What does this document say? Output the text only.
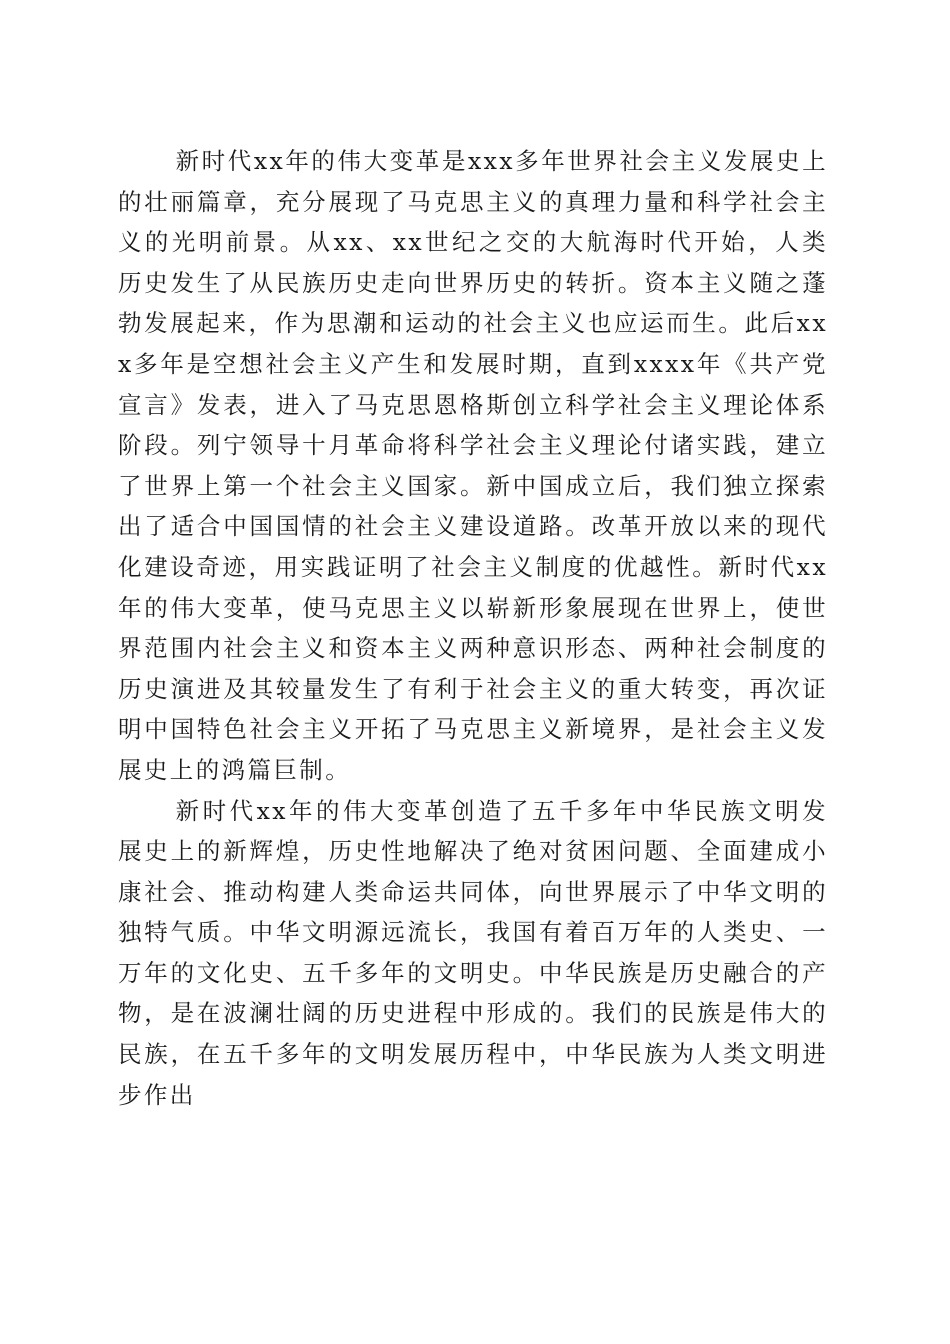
新时代xx年的伟大变革是xxx多年世界社会主义发展史上的壮丽篇章，充分展现了马克思主义的真理力量和科学社会主义的光明前景。从xx、xx世纪之交的大航海时代开始，人类历史发生了从民族历史走向世界历史的转折。资本主义随之蓬勃发展起来，作为思潮和运动的社会主义也应运而生。此后xxx多年是空想社会主义产生和发展时期，直到xxxx年《共产党宣言》发表，进入了马克思恩格斯创立科学社会主义理论体系阶段。列宁领导十月革命将科学社会主义理论付诸实践，建立了世界上第一个社会主义国家。新中国成立后，我们独立探索出了适合中国国情的社会主义建设道路。改革开放以来的现代化建设奇迹，用实践证明了社会主义制度的优越性。新时代xx年的伟大变革，使马克思主义以崭新形象展现在世界上，使世界范围内社会主义和资本主义两种意识形态、两种社会制度的历史演进及其较量发生了有利于社会主义的重大转变，再次证明中国特色社会主义开拓了马克思主义新境界，是社会主义发展史上的鸿篇巨制。

新时代xx年的伟大变革创造了五千多年中华民族文明发展史上的新辉煌，历史性地解决了绝对贫困问题、全面建成小康社会、推动构建人类命运共同体，向世界展示了中华文明的独特气质。中华文明源远流长，我国有着百万年的人类史、一万年的文化史、五千多年的文明史。中华民族是历史融合的产物，是在波澜壮阔的历史进程中形成的。我们的民族是伟大的民族，在五千多年的文明发展历程中，中华民族为人类文明进步作出
